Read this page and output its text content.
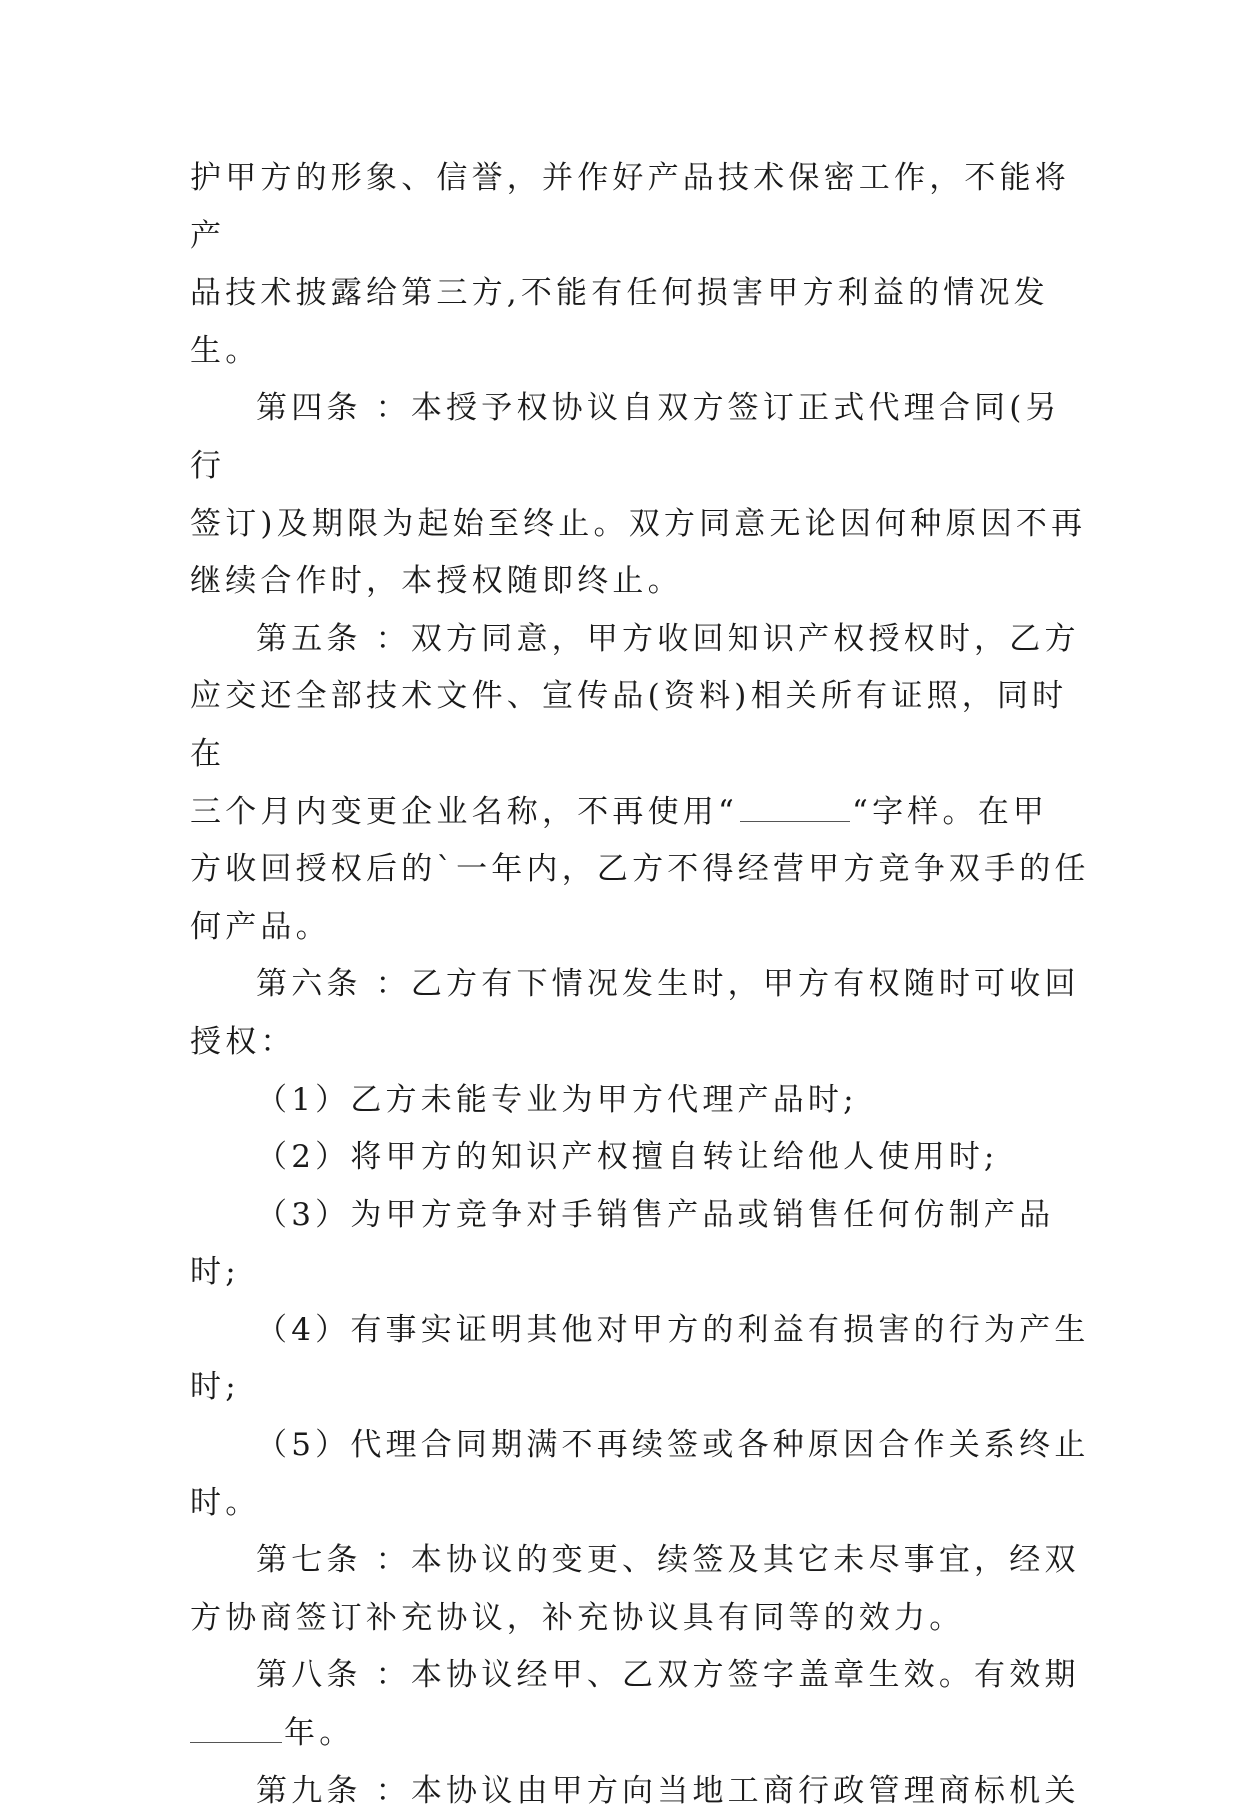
护甲方的形象、信誉，并作好产品技术保密工作，不能将产
品技术披露给第三方,不能有任何损害甲方利益的情况发生。
第四条 ：本授予权协议自双方签订正式代理合同(另行
签订)及期限为起始至终止。双方同意无论因何种原因不再
继续合作时，本授权随即终止。
第五条 ：双方同意，甲方收回知识产权授权时，乙方
应交还全部技术文件、宣传品(资料)相关所有证照，同时在
三个月内变更企业名称，不再使用“	“字样。在甲
方收回授权后的`一年内，乙方不得经营甲方竞争双手的任
何产品。
第六条 ：乙方有下情况发生时，甲方有权随时可收回
授权：
（1）乙方未能专业为甲方代理产品时;
（2）将甲方的知识产权擅自转让给他人使用时;
（3）为甲方竞争对手销售产品或销售任何仿制产品时;
（4）有事实证明其他对甲方的利益有损害的行为产生
时;
（5）代理合同期满不再续签或各种原因合作关系终止
时。
第七条 ：本协议的变更、续签及其它未尽事宜，经双
方协商签订补充协议，补充协议具有同等的效力。
第八条 ：本协议经甲、乙双方签字盖章生效。有效期
年。
第九条 ：本协议由甲方向当地工商行政管理商标机关
